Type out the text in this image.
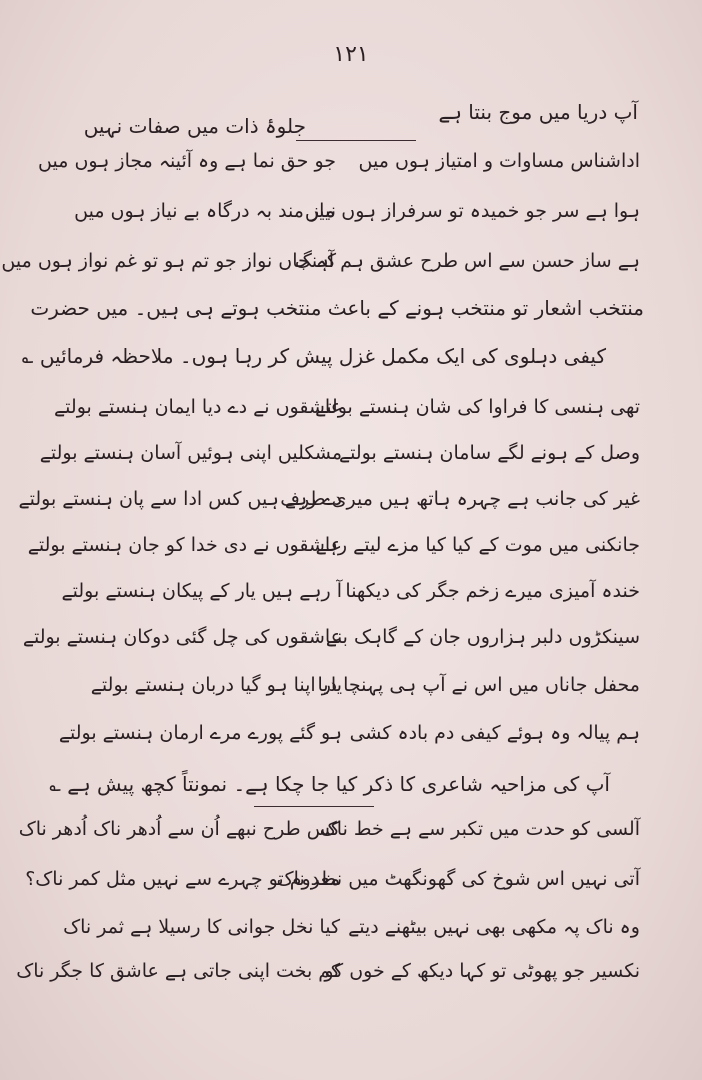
۱۲۱
آپ دریا میں موج بنتا ہے
جلوۂ ذات میں صفات نہیں
اداشناس مساوات و امتیاز ہوں میں
جو حق نما ہے وہ آئینہ مجاز ہوں میں
ہوا ہے سر جو خمیدہ تو سرفراز ہوں میں
نیاز مند بہ درگاہ بے نیاز ہوں میں
ہے ساز حسن سے اس طرح عشق ہم آہنگ
کہ جاں نواز جو تم ہو تو غم نواز ہوں میں
منتخب اشعار تو منتخب ہونے کے باعث منتخب ہوتے ہی ہیں۔ میں حضرت
کیفی دہلوی کی ایک مکمل غزل پیش کر رہا ہوں۔ ملاحظہ فرمائیں ؎
تھی ہنسی کا فراوا کی شان ہنستے بولتے
عاشقوں نے دے دیا ایمان ہنستے بولتے
وصل کے ہونے لگے سامان ہنستے بولتے
مشکلیں اپنی ہوئیں آسان ہنستے بولتے
غیر کی جانب ہے چہرہ ہاتھ ہیں میری طرف
دے رہے ہیں کس ادا سے پان ہنستے بولتے
جانکنی میں موت کے کیا کیا مزے لیتے رہے
عاشقوں نے دی خدا کو جان ہنستے بولتے
خندہ آمیزی میرے زخم جگر کی دیکھنا
آ رہے ہیں یار کے پیکان ہنستے بولتے
سینکڑوں دلبر ہزاروں جان کے گاہک بنے
عاشقوں کی چل گئی دوکان ہنستے بولتے
محفل جاناں میں اس نے آپ ہی پہنچا دیا
یار اپنا ہو گیا دربان ہنستے بولتے
ہم پیالہ وہ ہوئے کیفی دم بادہ کشی
ہو گئے پورے مرے ارمان ہنستے بولتے
آپ کی مزاحیہ شاعری کا ذکر کیا جا چکا ہے۔ نمونتاً کچھ پیش ہے ؎
آلسی کو حدت میں تکبر سے ہے خط ناک
کس طرح نبھے اُن سے اُدھر ناک اُدھر ناک
آتی نہیں اس شوخ کی گھونگھٹ میں نظر ناک
معدوم تو چہرے سے نہیں مثل کمر ناک؟
وہ ناک پہ مکھی بھی نہیں بیٹھنے دیتے
کیا نخل جوانی کا رسیلا ہے ثمر ناک
نکسیر جو پھوٹی تو کہا دیکھ کے خوں کو
کم بخت اپنی جاتی ہے عاشق کا جگر ناک
